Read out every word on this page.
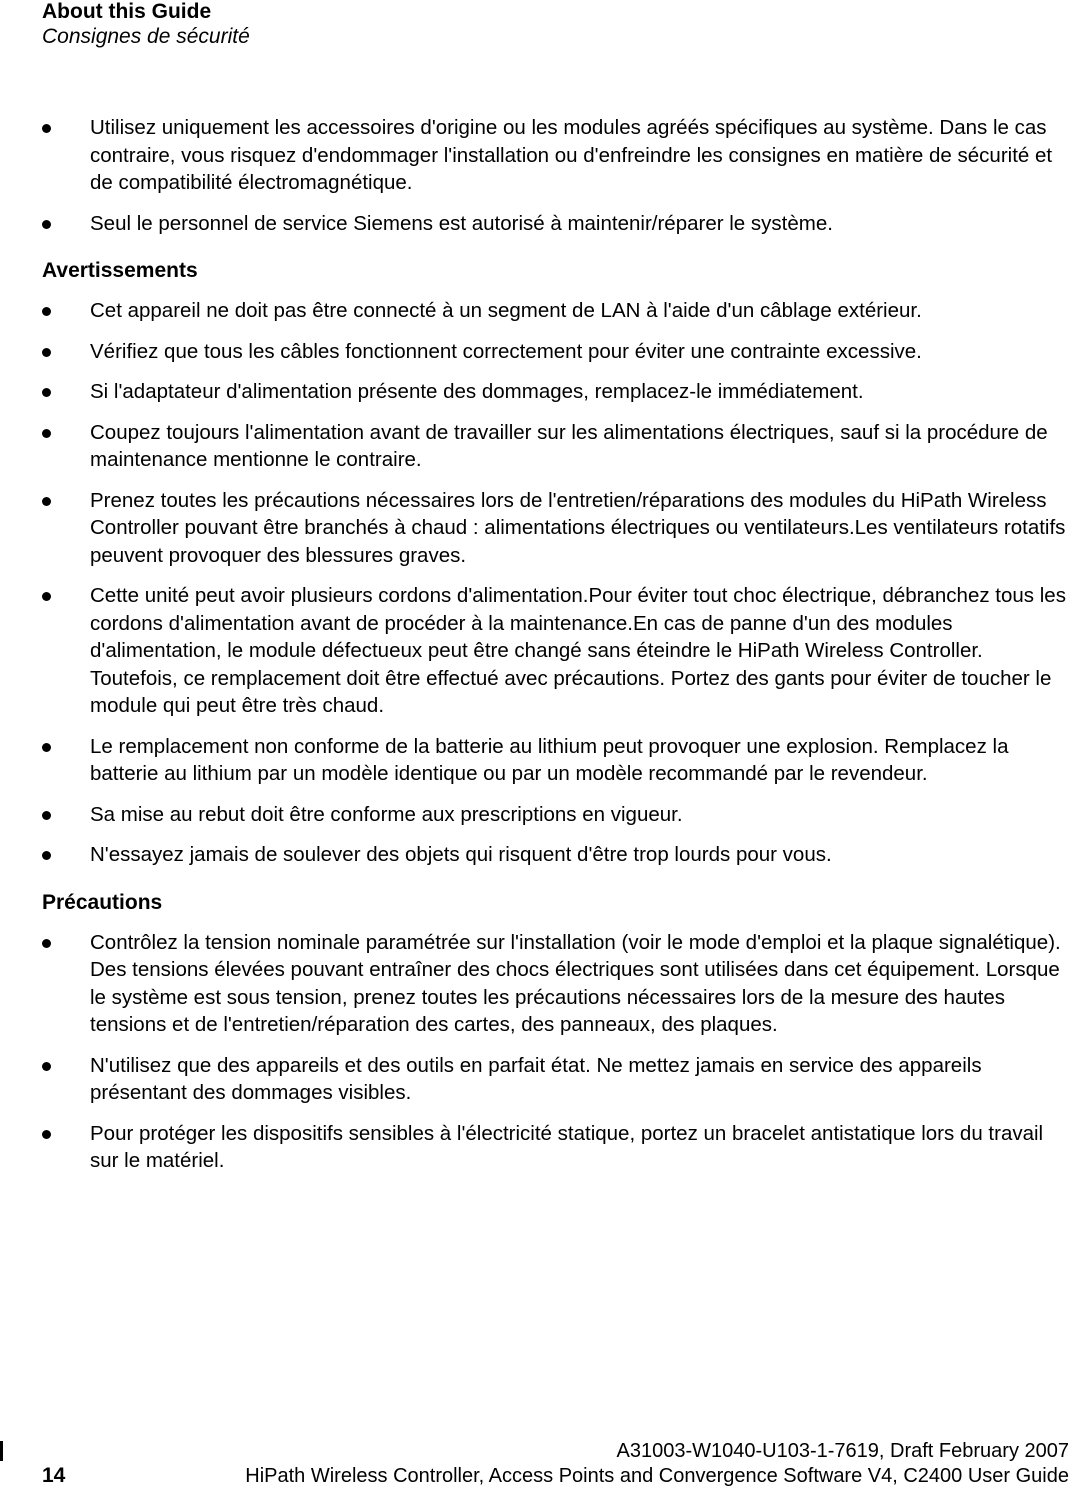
About this Guide
Consignes de sécurité
Utilisez uniquement les accessoires d'origine ou les modules agréés spécifiques au système. Dans le cas contraire, vous risquez d'endommager l'installation ou d'enfreindre les consignes en matière de sécurité et de compatibilité électromagnétique.
Seul le personnel de service Siemens est autorisé à maintenir/réparer le système.
Avertissements
Cet appareil ne doit pas être connecté à un segment de LAN à l'aide d'un câblage extérieur.
Vérifiez que tous les câbles fonctionnent correctement pour éviter une contrainte excessive.
Si l'adaptateur d'alimentation présente des dommages, remplacez-le immédiatement.
Coupez toujours l'alimentation avant de travailler sur les alimentations électriques, sauf si la procédure de maintenance mentionne le contraire.
Prenez toutes les précautions nécessaires lors de l'entretien/réparations des modules du HiPath Wireless Controller pouvant être branchés à chaud : alimentations électriques ou ventilateurs.Les ventilateurs rotatifs peuvent provoquer des blessures graves.
Cette unité peut avoir plusieurs cordons d'alimentation.Pour éviter tout choc électrique, débranchez tous les cordons d'alimentation avant de procéder à la maintenance.En cas de panne d'un des modules d'alimentation, le module défectueux peut être changé sans éteindre le HiPath Wireless Controller. Toutefois, ce remplacement doit être effectué avec précautions. Portez des gants pour éviter de toucher le module qui peut être très chaud.
Le remplacement non conforme de la batterie au lithium peut provoquer une explosion. Remplacez la batterie au lithium par un modèle identique ou par un modèle recommandé par le revendeur.
Sa mise au rebut doit être conforme aux prescriptions en vigueur.
N'essayez jamais de soulever des objets qui risquent d'être trop lourds pour vous.
Précautions
Contrôlez la tension nominale paramétrée sur l'installation (voir le mode d'emploi et la plaque signalétique). Des tensions élevées pouvant entraîner des chocs électriques sont utilisées dans cet équipement. Lorsque le système est sous tension, prenez toutes les précautions nécessaires lors de la mesure des hautes tensions et de l'entretien/réparation des cartes, des panneaux, des plaques.
N'utilisez que des appareils et des outils en parfait état. Ne mettez jamais en service des appareils présentant des dommages visibles.
Pour protéger les dispositifs sensibles à l'électricité statique, portez un bracelet antistatique lors du travail sur le matériel.
A31003-W1040-U103-1-7619, Draft February 2007
14	HiPath Wireless Controller, Access Points and Convergence Software V4, C2400 User Guide
